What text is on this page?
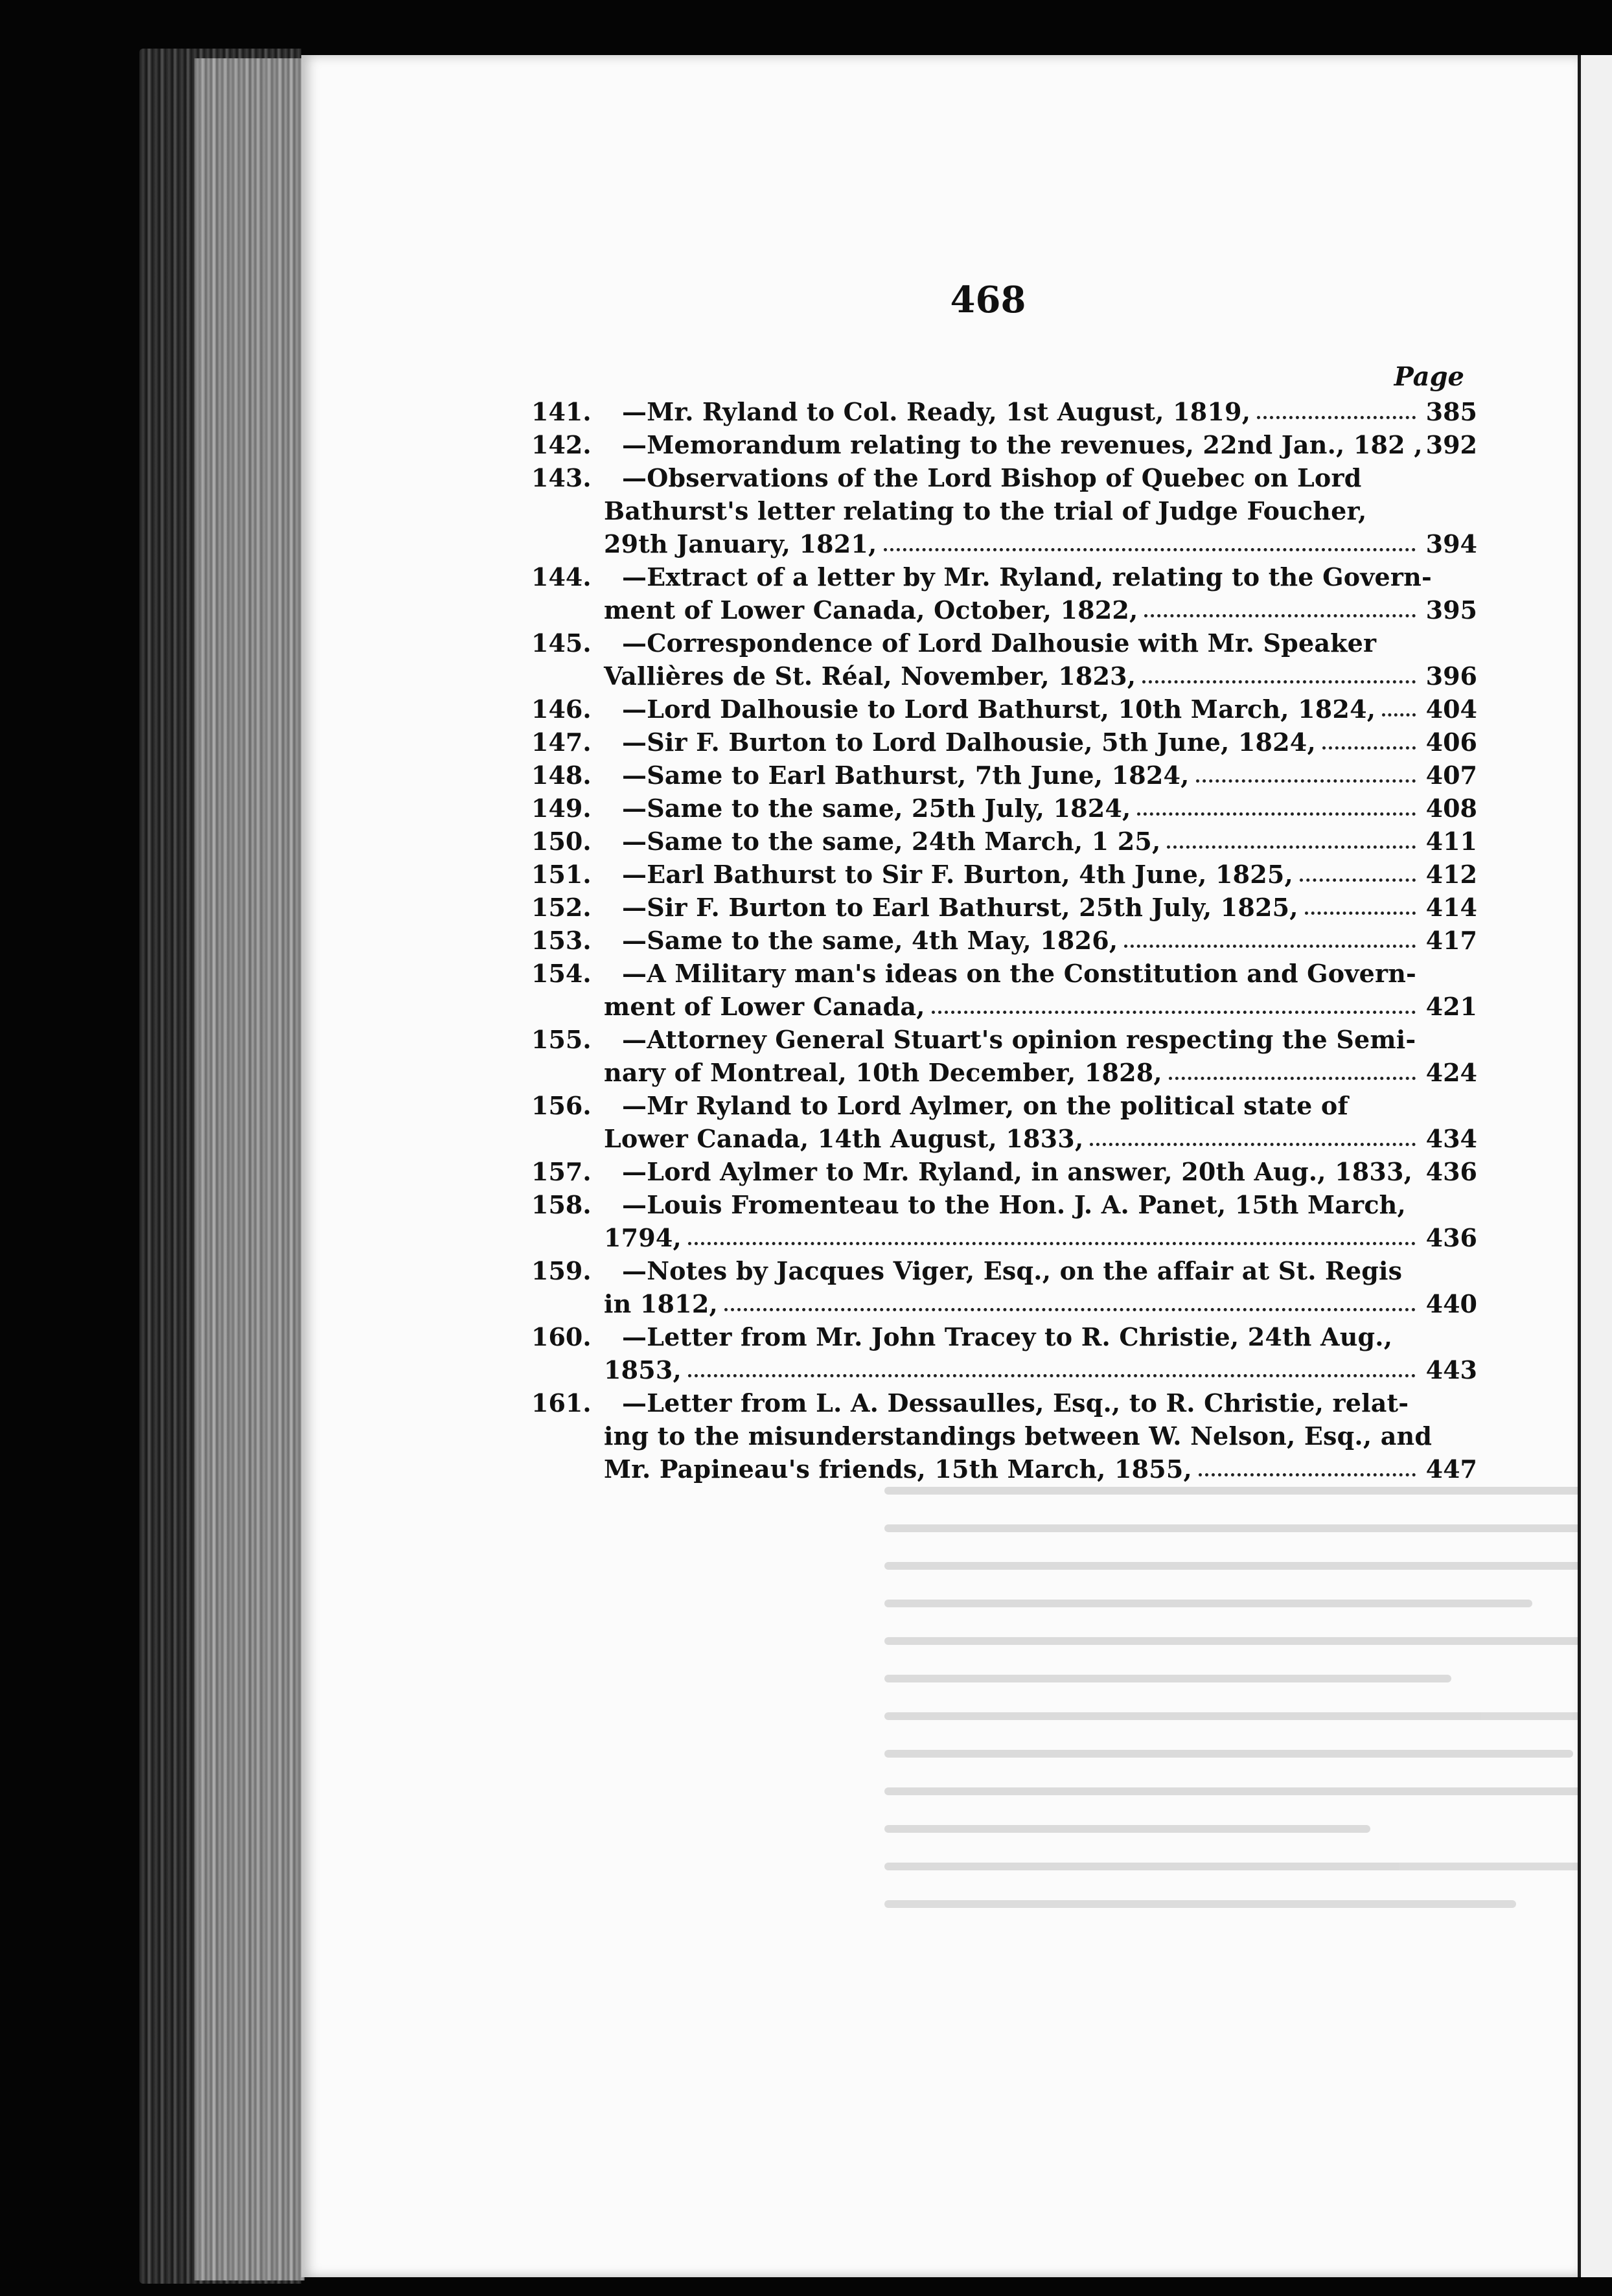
468
Page
141. —Mr. Ryland to Col. Ready, 1st August, 1819,	385
142. —Memorandum relating to the revenues, 22nd Jan., 182 , 392
143. —Observations of the Lord Bishop of Quebec on Lord
Bathurst's letter relating to the trial of Judge Foucher,
29th January, 1821,	394
144. —Extract of a letter by Mr. Ryland, relating to the Govern-
ment of Lower Canada, October, 1822,	395
145. —Correspondence of Lord Dalhousie with Mr. Speaker
Vallières de St. Réal, November, 1823,	396
146. —Lord Dalhousie to Lord Bathurst, 10th March, 1824, 404
147. —Sir F. Burton to Lord Dalhousie, 5th June, 1824,	406
148. —Same to Earl Bathurst, 7th June, 1824,	407
149. —Same to the same, 25th July, 1824,	408
150. —Same to the same, 24th March, 1 25,	411
151. —Earl Bathurst to Sir F. Burton, 4th June, 1825,	412
152. —Sir F. Burton to Earl Bathurst, 25th July, 1825,	414
153. —Same to the same, 4th May, 1826,	417
154. —A Military man's ideas on the Constitution and Govern-
ment of Lower Canada,	421
155. —Attorney General Stuart's opinion respecting the Semi-
nary of Montreal, 10th December, 1828,	424
156. —Mr Ryland to Lord Aylmer, on the political state of
Lower Canada, 14th August, 1833,	434
157. —Lord Aylmer to Mr. Ryland, in answer, 20th Aug., 1833, 436
158. —Louis Fromenteau to the Hon. J. A. Panet, 15th March,
1794,	436
159. —Notes by Jacques Viger, Esq., on the affair at St. Regis
in 1812,	440
160. —Letter from Mr. John Tracey to R. Christie, 24th Aug.,
1853,	443
161. —Letter from L. A. Dessaulles, Esq., to R. Christie, relat-
ing to the misunderstandings between W. Nelson, Esq., and
Mr. Papineau's friends, 15th March, 1855,	447
